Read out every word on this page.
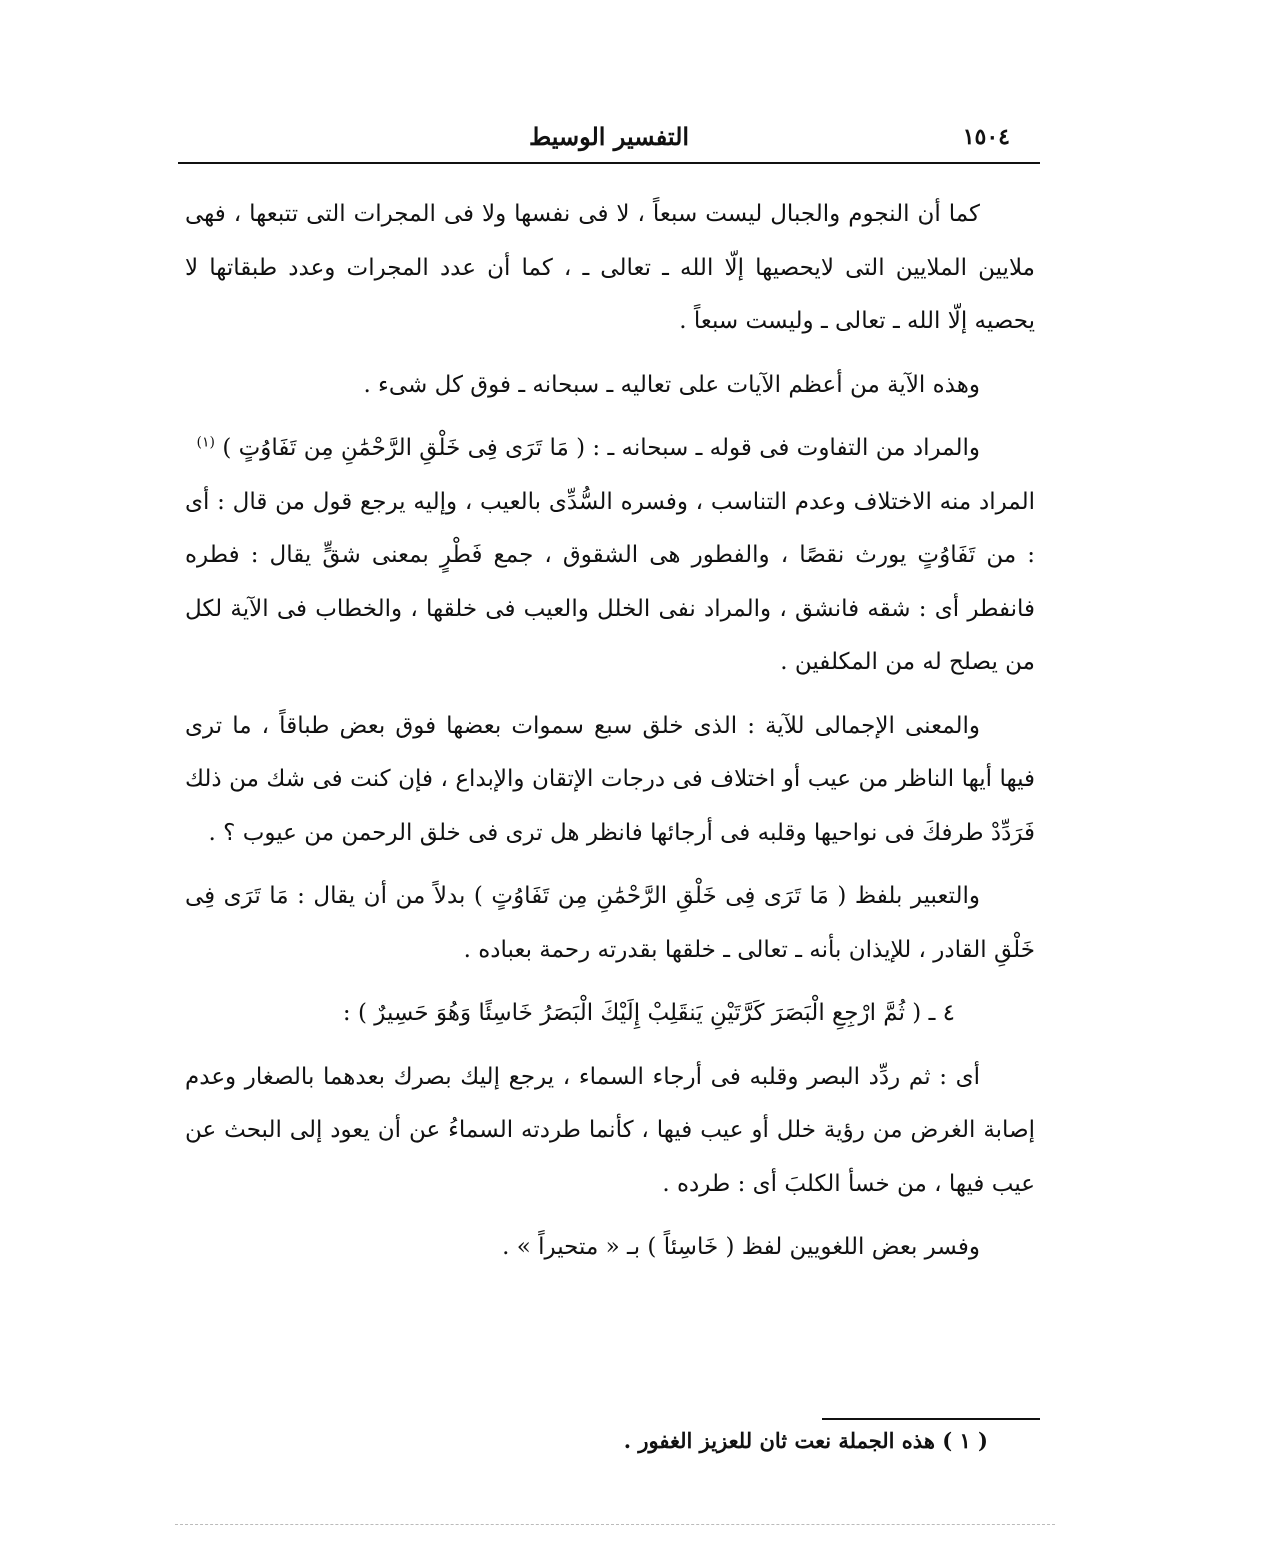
١٥٠٤
التفسير الوسيط

كما أن النجوم والجبال ليست سبعاً ، لا فى نفسها ولا فى المجرات التى تتبعها ، فهى ملايين الملايين التى لايحصيها إلّا الله ـ تعالى ـ ، كما أن عدد المجرات وعدد طبقاتها لا يحصيه إلّا الله ـ تعالى ـ وليست سبعاً .

وهذه الآية من أعظم الآيات على تعاليه ـ سبحانه ـ فوق كل شىء .

والمراد من التفاوت فى قوله ـ سبحانه ـ : ( مَا تَرَى فِى خَلْقِ الرَّحْمَٰنِ مِن تَفَاوُتٍ ) $^{(١)}$

المراد منه الاختلاف وعدم التناسب ، وفسره السُّدِّى بالعيب ، وإليه يرجع قول من قال : أى : من تَفَاوُتٍ يورث نقصًا ، والفطور هى الشقوق ، جمع فَطْرٍ بمعنى شقٍّ يقال : فطره فانفطر أى : شقه فانشق ، والمراد نفى الخلل والعيب فى خلقها ، والخطاب فى الآية لكل من يصلح له من المكلفين .

والمعنى الإجمالى للآية : الذى خلق سبع سموات بعضها فوق بعض طباقاً ، ما ترى فيها أيها الناظر من عيب أو اختلاف فى درجات الإتقان والإبداع ، فإن كنت فى شك من ذلك فَرَدِّدْ طرفكَ فى نواحيها وقلبه فى أرجائها فانظر هل ترى فى خلق الرحمن من عيوب ؟ .

والتعبير بلفظ ( مَا تَرَى فِى خَلْقِ الرَّحْمَٰنِ مِن تَفَاوُتٍ ) بدلاً من أن يقال : مَا تَرَى فِى خَلْقِ القادر ، للإيذان بأنه ـ تعالى ـ خلقها بقدرته رحمة بعباده .

٤ ـ ( ثُمَّ ارْجِعِ الْبَصَرَ كَرَّتَيْنِ يَنقَلِبْ إِلَيْكَ الْبَصَرُ خَاسِئًا وَهُوَ حَسِيرٌ ) :

أى : ثم ردِّد البصر وقلبه فى أرجاء السماء ، يرجع إليك بصرك بعدهما بالصغار وعدم إصابة الغرض من رؤية خلل أو عيب فيها ، كأنما طردته السماءُ عن أن يعود إلى البحث عن عيب فيها ، من خسأ الكلبَ أى : طرده .

وفسر بعض اللغويين لفظ ( خَاسِئاً ) بـ « متحيراً » .

( ١ ) هذه الجملة نعت ثان للعزيز الغفور .
